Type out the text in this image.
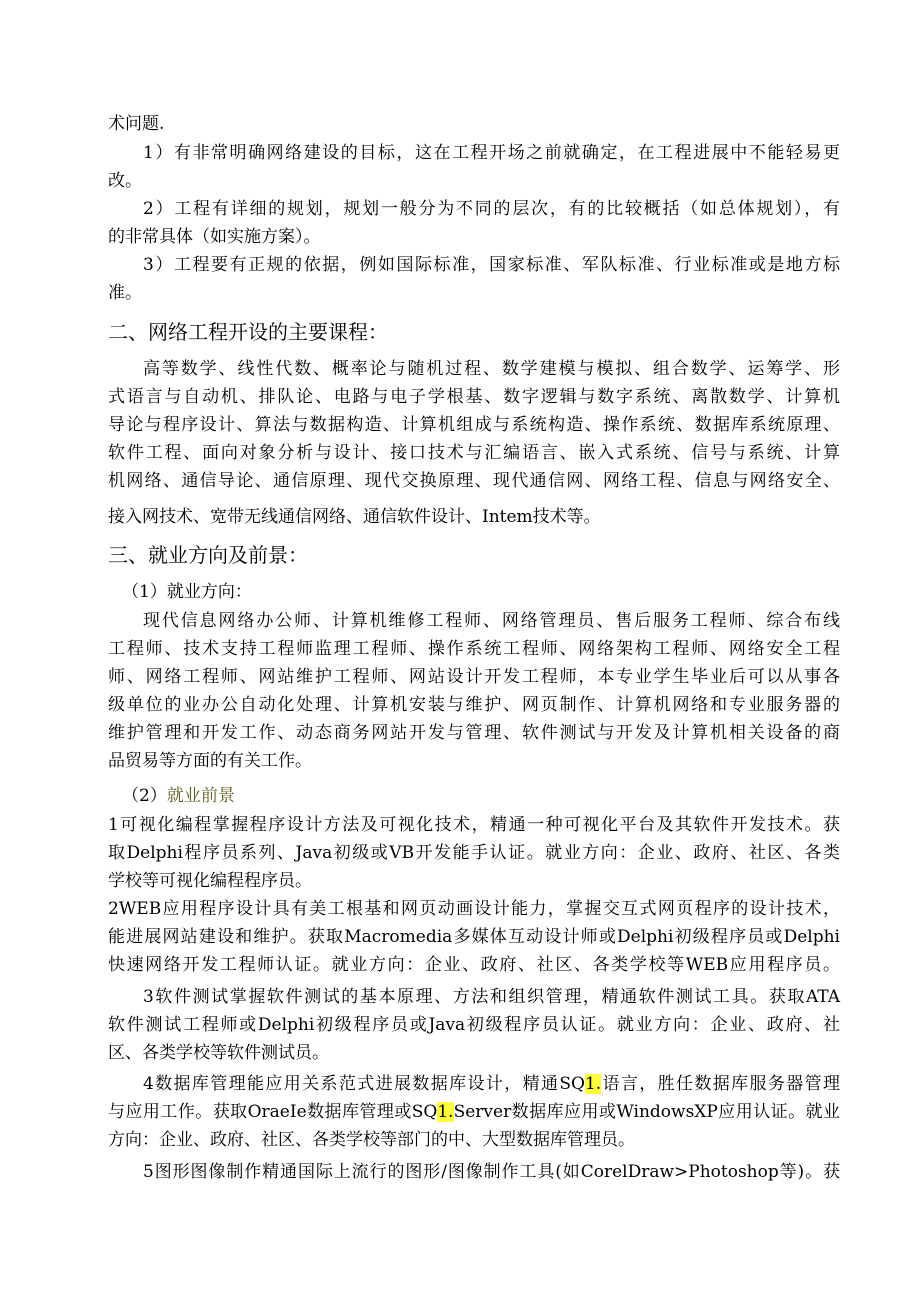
术问题.
1）有非常明确网络建设的目标，这在工程开场之前就确定，在工程进展中不能轻易更
改。
2）工程有详细的规划，规划一般分为不同的层次，有的比较概括（如总体规划），有
的非常具体（如实施方案）。
3）工程要有正规的依据，例如国际标准，国家标准、军队标准、行业标准或是地方标
准。
二、网络工程开设的主要课程：
高等数学、线性代数、概率论与随机过程、数学建模与模拟、组合数学、运筹学、形
式语言与自动机、排队论、电路与电子学根基、数字逻辑与数字系统、离散数学、计算机
导论与程序设计、算法与数据构造、计算机组成与系统构造、操作系统、数据库系统原理、
软件工程、面向对象分析与设计、接口技术与汇编语言、嵌入式系统、信号与系统、计算
机网络、通信导论、通信原理、现代交换原理、现代通信网、网络工程、信息与网络安全、
接入网技术、宽带无线通信网络、通信软件设计、Intem技术等。
三、就业方向及前景：
（1）就业方向：
现代信息网络办公师、计算机维修工程师、网络管理员、售后服务工程师、综合布线
工程师、技术支持工程师监理工程师、操作系统工程师、网络架构工程师、网络安全工程
师、网络工程师、网站维护工程师、网站设计开发工程师，本专业学生毕业后可以从事各
级单位的业办公自动化处理、计算机安装与维护、网页制作、计算机网络和专业服务器的
维护管理和开发工作、动态商务网站开发与管理、软件测试与开发及计算机相关设备的商
品贸易等方面的有关工作。
（2）就业前景
1可视化编程掌握程序设计方法及可视化技术，精通一种可视化平台及其软件开发技术。获
取Delphi程序员系列、Java初级或VB开发能手认证。就业方向：企业、政府、社区、各类
学校等可视化编程程序员。
2WEB应用程序设计具有美工根基和网页动画设计能力，掌握交互式网页程序的设计技术，
能进展网站建设和维护。获取Macromedia多媒体互动设计师或Delphi初级程序员或Delphi
快速网络开发工程师认证。就业方向：企业、政府、社区、各类学校等WEB应用程序员。
3软件测试掌握软件测试的基本原理、方法和组织管理，精通软件测试工具。获取ATA
软件测试工程师或Delphi初级程序员或Java初级程序员认证。就业方向：企业、政府、社
区、各类学校等软件测试员。
4数据库管理能应用关系范式进展数据库设计，精通SQ1.语言，胜任数据库服务器管理
与应用工作。获取OraeIe数据库管理或SQ1.Server数据库应用或WindowsXP应用认证。就业
方向：企业、政府、社区、各类学校等部门的中、大型数据库管理员。
5图形图像制作精通国际上流行的图形/图像制作工具(如CorelDraw>Photoshop等)。获
